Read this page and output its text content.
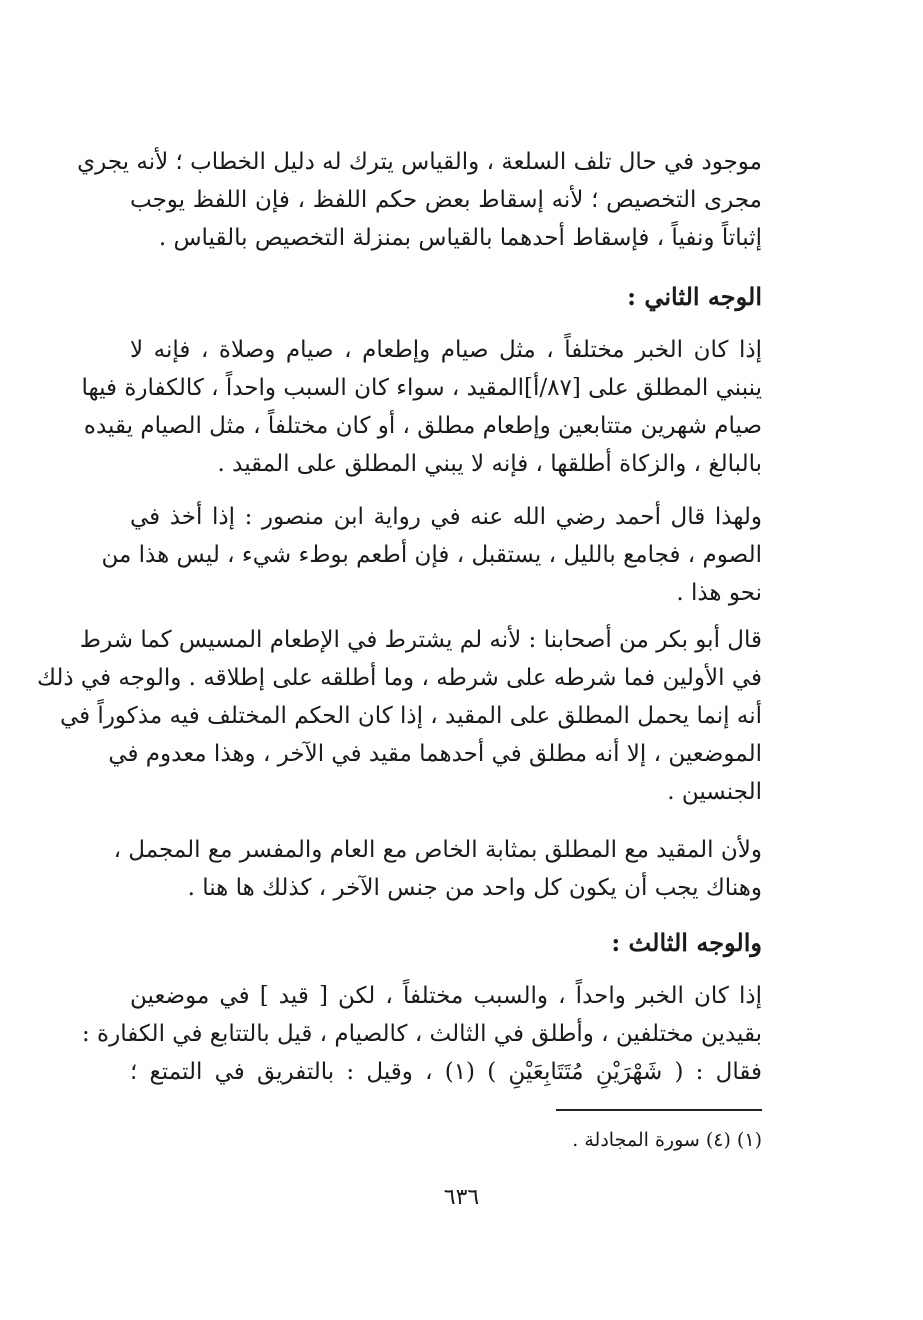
موجود في حال تلف السلعة ، والقياس يترك له دليل الخطاب ؛ لأنه يجري
مجرى التخصيص ؛ لأنه إسقاط بعض حكم اللفظ ، فإن اللفظ يوجب
إثباتاً ونفياً ، فإسقاط أحدهما بالقياس بمنزلة التخصيص بالقياس .

الوجه الثاني :

إذا كان الخبر مختلفاً ، مثل صيام وإطعام ، صيام وصلاة ، فإنه لا
ينبني المطلق على [٨٧/أ]المقيد ، سواء كان السبب واحداً ، كالكفارة فيها
صيام شهرين متتابعين وإطعام مطلق ، أو كان مختلفاً ، مثل الصيام يقيده
بالبالغ ، والزكاة أطلقها ، فإنه لا يبني المطلق على المقيد .

ولهذا قال أحمد رضي الله عنه في رواية ابن منصور : إذا أخذ في
الصوم ، فجامع بالليل ، يستقبل ، فإن أطعم بوطء شيء ، ليس هذا من
نحو هذا .

قال أبو بكر من أصحابنا : لأنه لم يشترط في الإطعام المسيس كما شرط
في الأولين فما شرطه على شرطه ، وما أطلقه على إطلاقه . والوجه في ذلك
أنه إنما يحمل المطلق على المقيد ، إذا كان الحكم المختلف فيه مذكوراً في
الموضعين ، إلا أنه مطلق في أحدهما مقيد في الآخر ، وهذا معدوم في
الجنسين .

ولأن المقيد مع المطلق بمثابة الخاص مع العام والمفسر مع المجمل ،
وهناك يجب أن يكون كل واحد من جنس الآخر ، كذلك ها هنا .

والوجه الثالث :

إذا كان الخبر واحداً ، والسبب مختلفاً ، لكن [ قيد ] في موضعين
بقيدين مختلفين ، وأطلق في الثالث ، كالصيام ، قيل بالتتابع في الكفارة :
فقال : ( شَهْرَيْنِ مُتَتَابِعَيْنِ ) (١) ، وقيل : بالتفريق في التمتع ؛

(١) (٤) سورة المجادلة .
٦٣٦
